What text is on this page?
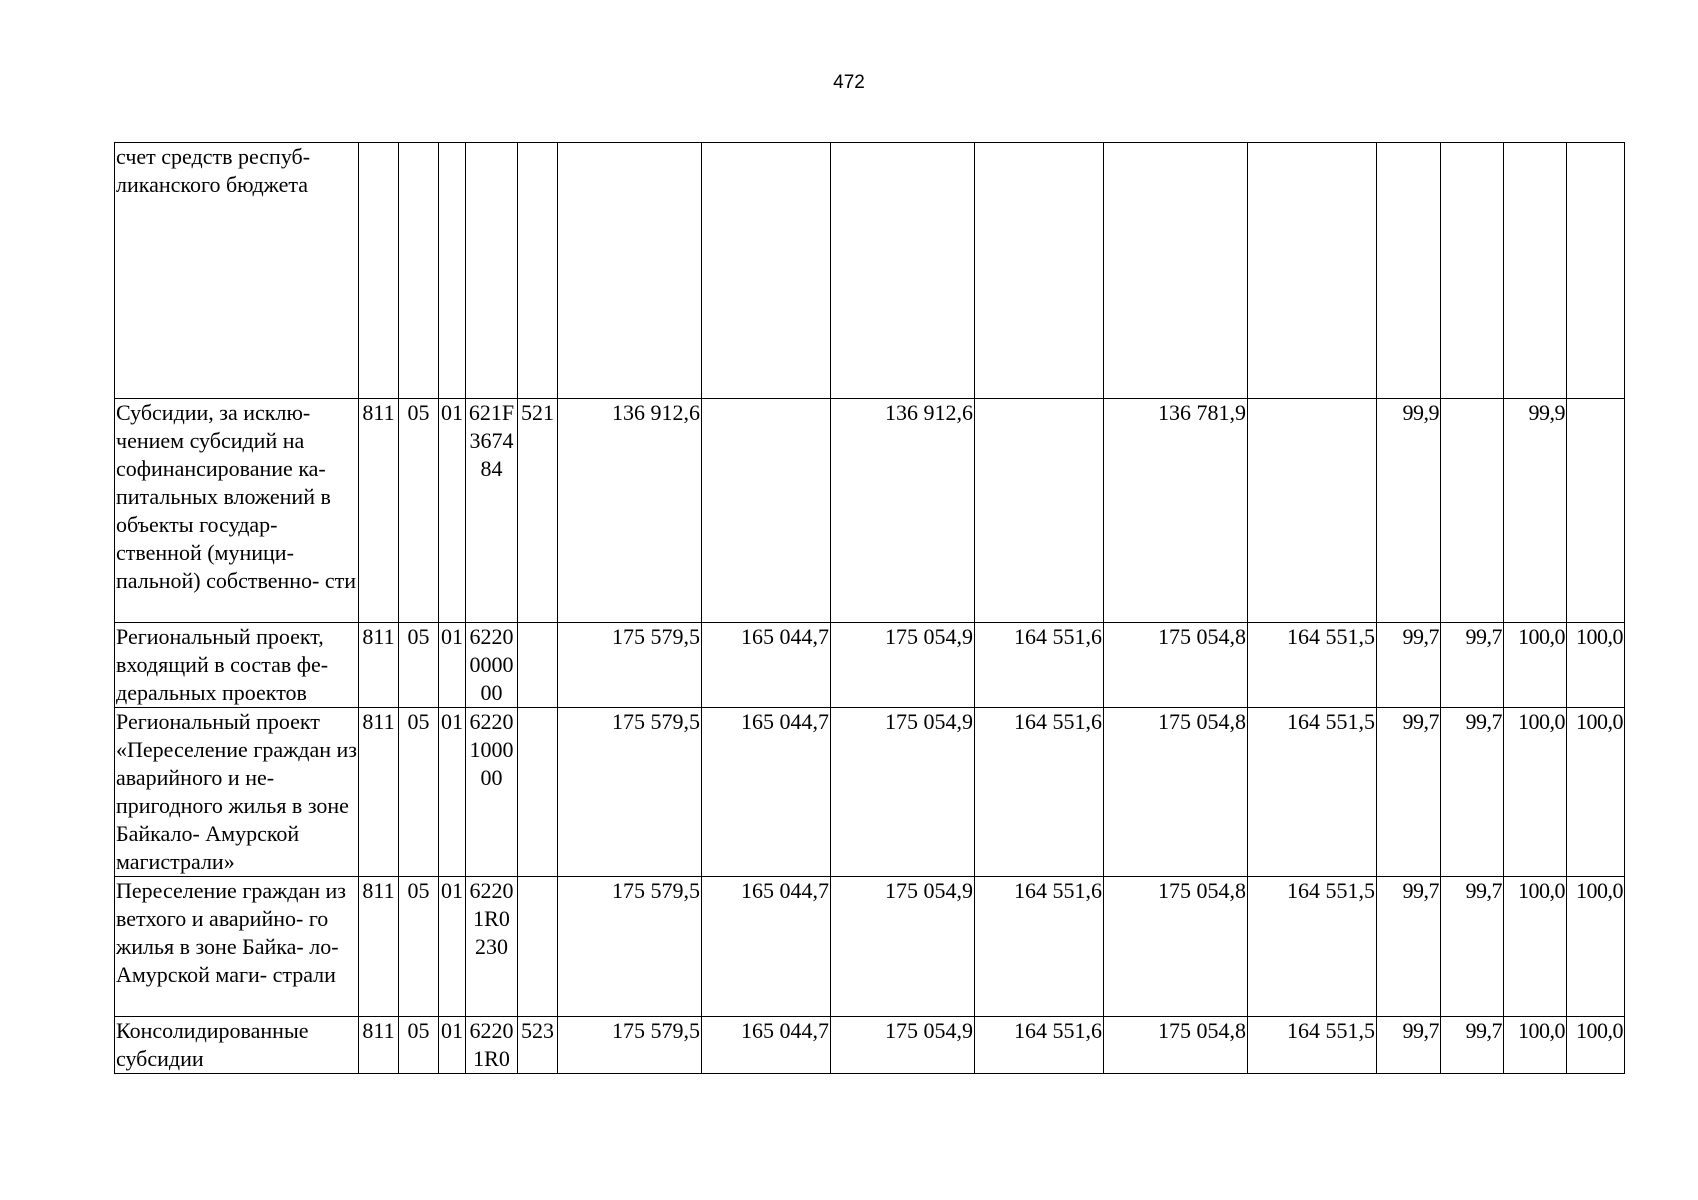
472
счет средств респуб- ликанского бюджета															
Субсидии, за исклю- чением субсидий на софинансирование ка- питальных вложений в объекты государ- ственной (муници- пальной) собственно- сти	811	05	01	621F 3674 84	521	136 912,6		136 912,6		136 781,9		99,9		99,9	
Региональный проект, входящий в состав фе- деральных проектов	811	05	01	6220 0000 00		175 579,5	165 044,7	175 054,9	164 551,6	175 054,8	164 551,5	99,7	99,7	100,0	100,0
Региональный проект «Переселение граждан из аварийного и не- пригодного жилья в зоне Байкало- Амурской магистрали»	811	05	01	6220 1000 00		175 579,5	165 044,7	175 054,9	164 551,6	175 054,8	164 551,5	99,7	99,7	100,0	100,0
Переселение граждан из ветхого и аварийно- го жилья в зоне Байка- ло-Амурской маги- страли	811	05	01	6220 1R0 230		175 579,5	165 044,7	175 054,9	164 551,6	175 054,8	164 551,5	99,7	99,7	100,0	100,0
Консолидированные субсидии	811	05	01	6220 1R0	523	175 579,5	165 044,7	175 054,9	164 551,6	175 054,8	164 551,5	99,7	99,7	100,0	100,0
